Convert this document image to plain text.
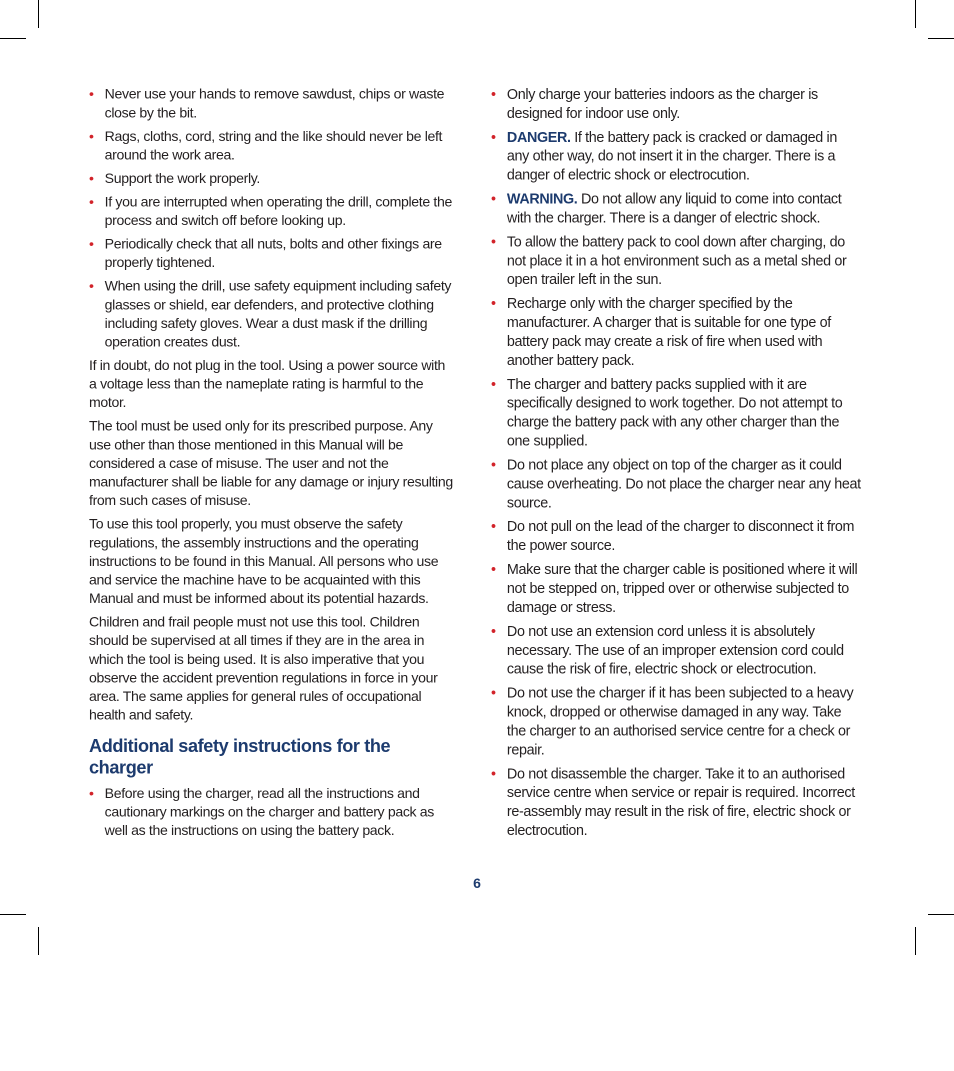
• Never use your hands to remove sawdust, chips or waste close by the bit.
• Rags, cloths, cord, string and the like should never be left around the work area.
• Support the work properly.
• If you are interrupted when operating the drill, complete the process and switch off before looking up.
• Periodically check that all nuts, bolts and other fixings are properly tightened.
• When using the drill, use safety equipment including safety glasses or shield, ear defenders, and protective clothing including safety gloves. Wear a dust mask if the drilling operation creates dust.

If in doubt, do not plug in the tool. Using a power source with a voltage less than the nameplate rating is harmful to the motor.

The tool must be used only for its prescribed purpose. Any use other than those mentioned in this Manual will be considered a case of misuse. The user and not the manufacturer shall be liable for any damage or injury resulting from such cases of misuse.

To use this tool properly, you must observe the safety regulations, the assembly instructions and the operating instructions to be found in this Manual. All persons who use and service the machine have to be acquainted with this Manual and must be informed about its potential hazards.

Children and frail people must not use this tool. Children should be supervised at all times if they are in the area in which the tool is being used. It is also imperative that you observe the accident prevention regulations in force in your area. The same applies for general rules of occupational health and safety.

Additional safety instructions for the charger
• Before using the charger, read all the instructions and cautionary markings on the charger and battery pack as well as the instructions on using the battery pack.
• Only charge your batteries indoors as the charger is designed for indoor use only.
• DANGER. If the battery pack is cracked or damaged in any other way, do not insert it in the charger. There is a danger of electric shock or electrocution.
• WARNING. Do not allow any liquid to come into contact with the charger. There is a danger of electric shock.
• To allow the battery pack to cool down after charging, do not place it in a hot environment such as a metal shed or open trailer left in the sun.
• Recharge only with the charger specified by the manufacturer. A charger that is suitable for one type of battery pack may create a risk of fire when used with another battery pack.
• The charger and battery packs supplied with it are specifically designed to work together. Do not attempt to charge the battery pack with any other charger than the one supplied.
• Do not place any object on top of the charger as it could cause overheating. Do not place the charger near any heat source.
• Do not pull on the lead of the charger to disconnect it from the power source.
• Make sure that the charger cable is positioned where it will not be stepped on, tripped over or otherwise subjected to damage or stress.
• Do not use an extension cord unless it is absolutely necessary. The use of an improper extension cord could cause the risk of fire, electric shock or electrocution.
• Do not use the charger if it has been subjected to a heavy knock, dropped or otherwise damaged in any way. Take the charger to an authorised service centre for a check or repair.
• Do not disassemble the charger. Take it to an authorised service centre when service or repair is required. Incorrect re-assembly may result in the risk of fire, electric shock or electrocution.
6
